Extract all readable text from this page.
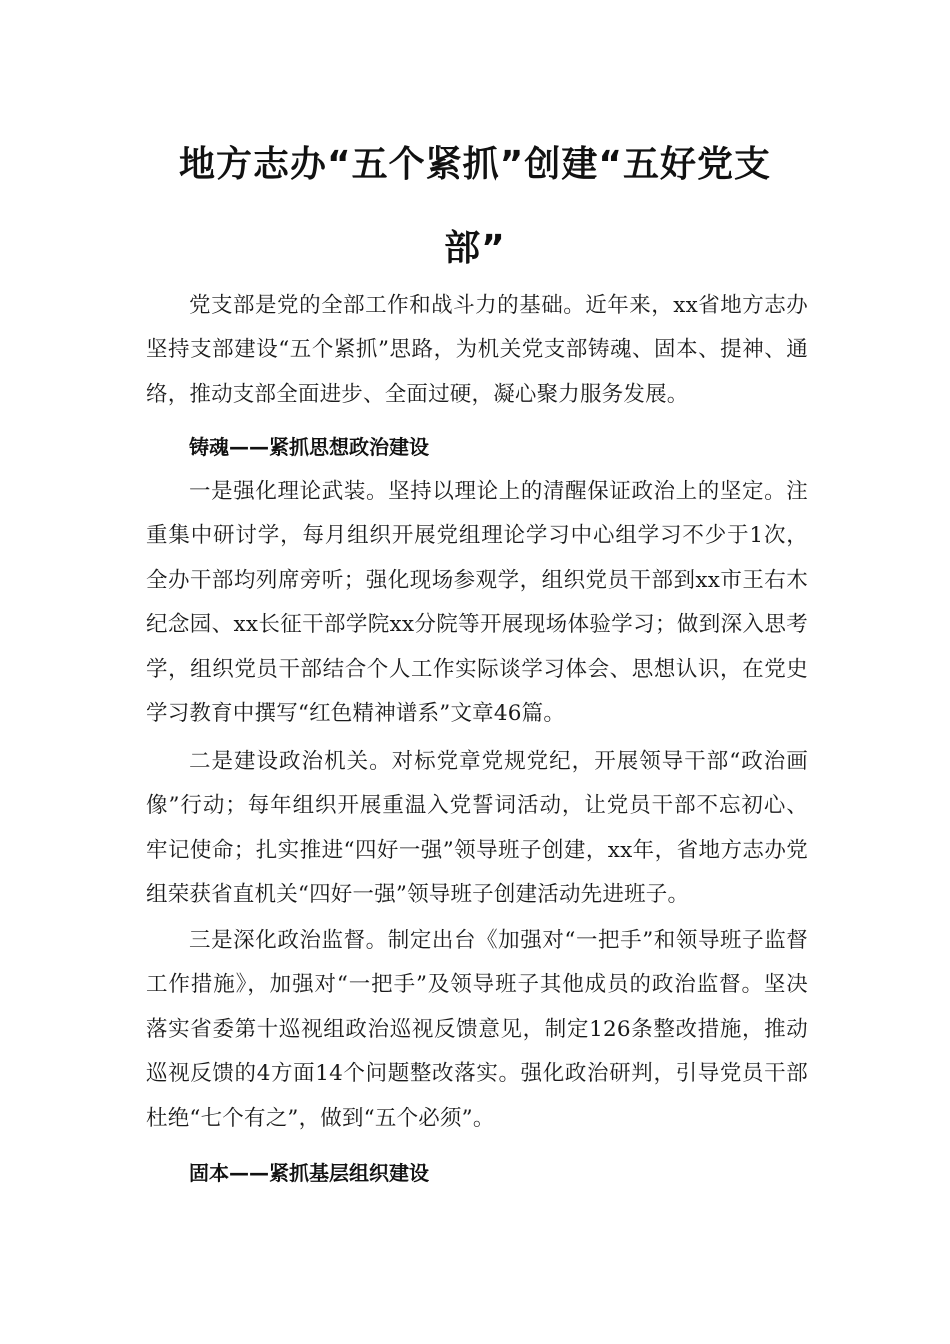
地方志办“五个紧抓”创建“五好党支
部”
党支部是党的全部工作和战斗力的基础。近年来，xx省地方志办坚持支部建设“五个紧抓”思路，为机关党支部铸魂、固本、提神、通络，推动支部全面进步、全面过硬，凝心聚力服务发展。
铸魂——紧抓思想政治建设
一是强化理论武装。坚持以理论上的清醒保证政治上的坚定。注重集中研讨学，每月组织开展党组理论学习中心组学习不少于1次，全办干部均列席旁听；强化现场参观学，组织党员干部到xx市王右木纪念园、xx长征干部学院xx分院等开展现场体验学习；做到深入思考学，组织党员干部结合个人工作实际谈学习体会、思想认识，在党史学习教育中撰写“红色精神谱系”文章46篇。
二是建设政治机关。对标党章党规党纪，开展领导干部“政治画像”行动；每年组织开展重温入党誓词活动，让党员干部不忘初心、牢记使命；扎实推进“四好一强”领导班子创建，xx年，省地方志办党组荣获省直机关“四好一强”领导班子创建活动先进班子。
三是深化政治监督。制定出台《加强对“一把手”和领导班子监督工作措施》，加强对“一把手”及领导班子其他成员的政治监督。坚决落实省委第十巡视组政治巡视反馈意见，制定126条整改措施，推动巡视反馈的4方面14个问题整改落实。强化政治研判，引导党员干部杜绝“七个有之”，做到“五个必须”。
固本——紧抓基层组织建设
